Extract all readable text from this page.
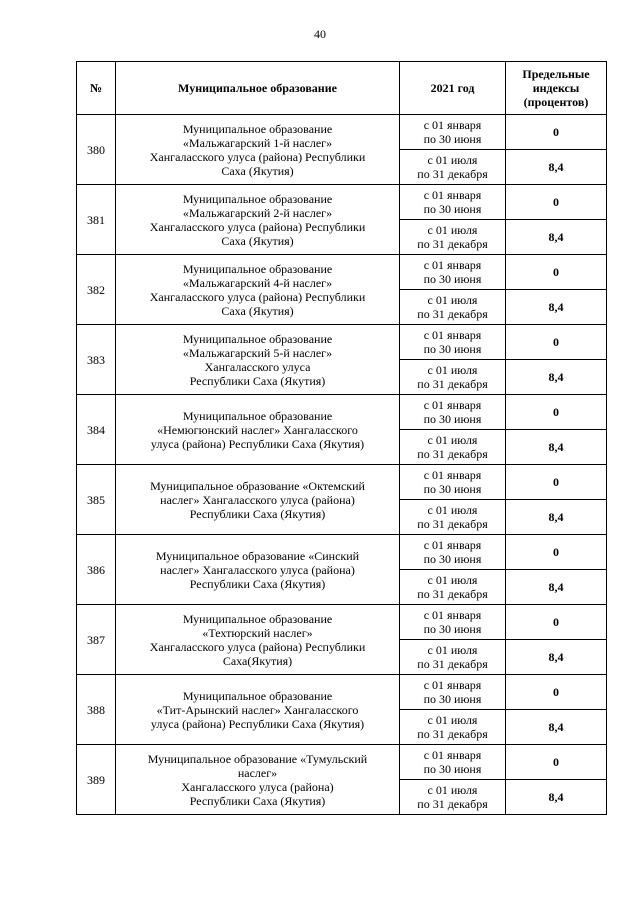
40
№	Муниципальное образование	2021 год	Предельные
индексы
(процентов)

380	Муниципальное образование
«Мальжагарский 1-й наслег»
Хангаласского улуса (района) Республики
Саха (Якутия)	с 01 января
по 30 июня	0

		с 01 июля
по 31 декабря	8,4
381	Муниципальное образование
«Мальжагарский 2-й наслег»
Хангаласского улуса (района) Республики
Саха (Якутия)	с 01 января
по 30 июня	0

		с 01 июля
по 31 декабря	8,4
382	Муниципальное образование
«Мальжагарский 4-й наслег»
Хангаласского улуса (района) Республики
Саха (Якутия)	с 01 января
по 30 июня	0

		с 01 июля
по 31 декабря	8,4
383	Муниципальное образование
«Мальжагарский 5-й наслег»
Хангаласского улуса
Республики Саха (Якутия)	с 01 января
по 30 июня	0

		с 01 июля
по 31 декабря	8,4
384	Муниципальное образование
«Немюгюнский наслег» Хангаласского
улуса (района) Республики Саха (Якутия)	с 01 января
по 30 июня	0

		с 01 июля
по 31 декабря	8,4
385	Муниципальное образование «Октемский
наслег» Хангаласского улуса (района)
Республики Саха (Якутия)	с 01 января
по 30 июня	0

		с 01 июля
по 31 декабря	8,4
386	Муниципальное образование «Синский
наслег» Хангаласского улуса (района)
Республики Саха (Якутия)	с 01 января
по 30 июня	0

		с 01 июля
по 31 декабря	8,4
387	Муниципальное образование
«Техтюрский наслег»
Хангаласского улуса (района) Республики
Саха(Якутия)	с 01 января
по 30 июня	0

		с 01 июля
по 31 декабря	8,4
388	Муниципальное образование
«Тит-Арынский наслег» Хангаласского
улуса (района) Республики Саха (Якутия)	с 01 января
по 30 июня	0

		с 01 июля
по 31 декабря	8,4
389	Муниципальное образование «Тумульский
наслег»
Хангаласского улуса (района)
Республики Саха (Якутия)	с 01 января
по 30 июня	0

		с 01 июля
по 31 декабря	8,4
